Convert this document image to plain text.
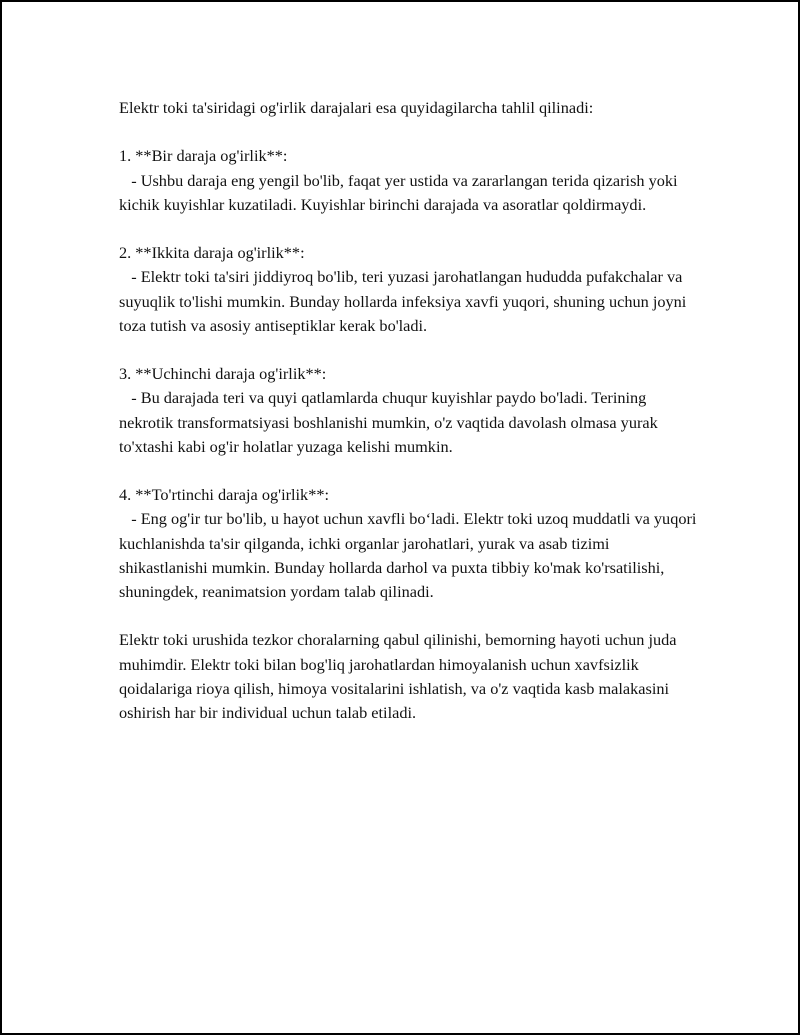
Elektr toki ta'siridagi og'irlik darajalari esa quyidagilarcha tahlil qilinadi:

1. **Bir daraja og'irlik**:

- Ushbu daraja eng yengil bo'lib, faqat yer ustida va zararlangan terida qizarish yoki kichik kuyishlar kuzatiladi. Kuyishlar birinchi darajada va asoratlar qoldirmaydi.

2. **Ikkita daraja og'irlik**:

- Elektr toki ta'siri jiddiyroq bo'lib, teri yuzasi jarohatlangan hududda pufakchalar va suyuqlik to'lishi mumkin. Bunday hollarda infeksiya xavfi yuqori, shuning uchun joyni toza tutish va asosiy antiseptiklar kerak bo'ladi.

3. **Uchinchi daraja og'irlik**:

- Bu darajada teri va quyi qatlamlarda chuqur kuyishlar paydo bo'ladi. Terining nekrotik transformatsiyasi boshlanishi mumkin, o'z vaqtida davolash olmasa yurak to'xtashi kabi og'ir holatlar yuzaga kelishi mumkin.

4. **To'rtinchi daraja og'irlik**:

- Eng og'ir tur bo'lib, u hayot uchun xavfli bo‘ladi. Elektr toki uzoq muddatli va yuqori kuchlanishda ta'sir qilganda, ichki organlar jarohatlari, yurak va asab tizimi shikastlanishi mumkin. Bunday hollarda darhol va puxta tibbiy ko'mak ko'rsatilishi, shuningdek, reanimatsion yordam talab qilinadi.

Elektr toki urushida tezkor choralarning qabul qilinishi, bemorning hayoti uchun juda muhimdir. Elektr toki bilan bog'liq jarohatlardan himoyalanish uchun xavfsizlik qoidalariga rioya qilish, himoya vositalarini ishlatish, va o'z vaqtida kasb malakasini oshirish har bir individual uchun talab etiladi.
